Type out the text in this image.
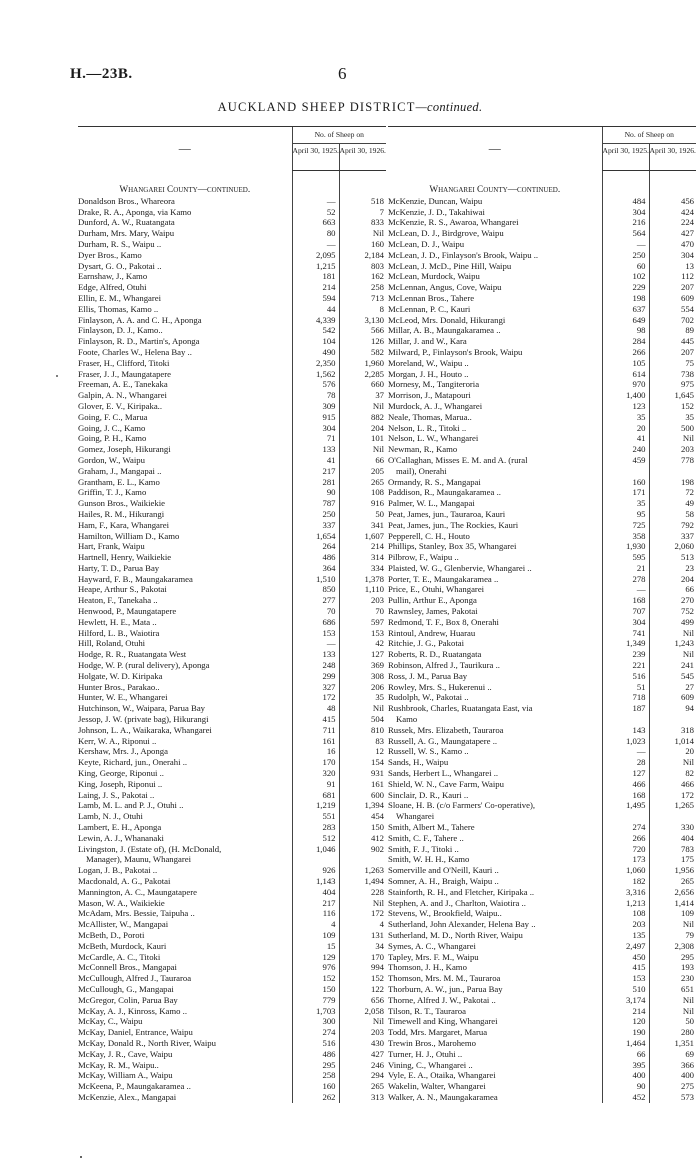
H.—23B.	6
AUCKLAND SHEEP DISTRICT—continued.
—	No. of Sheep on	
	April 30, 1925.	April 30, 1926.

Whangarei County—continued.		
Donaldson Bros., Whareora	—	518
Drake, R. A., Aponga, via Kamo	52	7
Dunford, A. W., Ruatangata	663	833
Durham, Mrs. Mary, Waipu	80	Nil
Durham, R. S., Waipu ..	—	160
Dyer Bros., Kamo	2,095	2,184
Dysart, G. O., Pakotai ..	1,215	803
Earnshaw, J., Kamo	181	162
Edge, Alfred, Otuhi	214	258
Ellin, E. M., Whangarei	594	713
Ellis, Thomas, Kamo ..	44	8
Finlayson, A. A. and C. H., Aponga	4,339	3,130
Finlayson, D. J., Kamo..	542	566
Finlayson, R. D., Martin's, Aponga	104	126
Foote, Charles W., Helena Bay ..	490	582
Fraser, H., Clifford, Titoki	2,350	1,960
Fraser, J. J., Maungatapere	1,562	2,285
Freeman, A. E., Tanekaka	576	660
Galpin, A. N., Whangarei	78	37
Glover, E. V., Kiripaka..	309	Nil
Going, F. C., Marua	915	882
Going, J. C., Kamo	304	204
Going, P. H., Kamo	71	101
Gomez, Joseph, Hikurangi	133	Nil
Gordon, W., Waipu	41	66
Graham, J., Mangapai ..	217	205
Grantham, E. L., Kamo	281	265
Griffin, T. J., Kamo	90	108
Gunson Bros., Waikiekie	787	916
Hailes, R. M., Hikurangi	250	50
Ham, F., Kara, Whangarei	337	341
Hamilton, William D., Kamo	1,654	1,607
Hart, Frank, Waipu	264	214
Hartnell, Henry, Waikiekie	486	314
Harty, T. D., Parua Bay	364	334
Hayward, F. B., Maungakaramea	1,510	1,378
Heape, Arthur S., Pakotai	850	1,110
Heaton, F., Tanekaha ..	277	203
Henwood, P., Maungatapere	70	70
Hewlett, H. E., Mata ..	686	597
Hilford, L. B., Waiotira	153	153
Hill, Roland, Otuhi	—	42
Hodge, R. R., Ruatangata West	133	127
Hodge, W. P. (rural delivery), Aponga	248	369
Holgate, W. D. Kiripaka	299	308
Hunter Bros., Parakao..	327	206
Hunter, W. E., Whangarei	172	35
Hutchinson, W., Waipara, Parua Bay	48	Nil
Jessop, J. W. (private bag), Hikurangi	415	504
Johnson, L. A., Waikaraka, Whangarei	711	810
Kerr, W. A., Riponui ..	161	83
Kershaw, Mrs. J., Aponga	16	12
Keyte, Richard, jun., Onerahi ..	170	154
King, George, Riponui ..	320	931
King, Joseph, Riponui ..	91	161
Laing, J. S., Pakotai ..	681	600
Lamb, M. L. and P. J., Otuhi ..	1,219	1,394
Lamb, N. J., Otuhi	551	454
Lambert, E. H., Aponga	283	150
Lewin, A. J., Whananaki	512	412
Livingston, J. (Estate of), (H. McDonald,	1,046	902
Manager), Maunu, Whangarei		
Logan, J. B., Pakotai ..	926	1,263
Macdonald, A. G., Pakotai	1,143	1,494
Mannington, A. C., Maungatapere	404	228
Mason, W. A., Waikiekie	217	Nil
McAdam, Mrs. Bessie, Taipuha ..	116	172
McAllister, W., Mangapai	4	4
McBeth, D., Poroti	109	131
McBeth, Murdock, Kauri	15	34
McCardle, A. C., Titoki	129	170
McConnell Bros., Mangapai	976	994
McCullough, Alfred J., Tauraroa	152	152
McCullough, G., Mangapai	150	122
McGregor, Colin, Parua Bay	779	656
McKay, A. J., Kinross, Kamo ..	1,703	2,058
McKay, C., Waipu	300	Nil
McKay, Daniel, Entrance, Waipu	274	203
McKay, Donald R., North River, Waipu	516	430
McKay, J. R., Cave, Waipu	486	427
McKay, R. M., Waipu..	295	246
McKay, William A., Waipu	258	294
McKeena, P., Maungakaramea ..	160	265
McKenzie, Alex., Mangapai	262	313
—	No. of Sheep on	
	April 30, 1925.	April 30, 1926.

Whangarei County—continued.		
McKenzie, Duncan, Waipu	484	456
McKenzie, J. D., Takahiwai	304	424
McKenzie, R. S., Awaroa, Whangarei	216	224
McLean, D. J., Birdgrove, Waipu	564	427
McLean, D. J., Waipu	—	470
McLean, J. D., Finlayson's Brook, Waipu ..	250	304
McLean, J. McD., Pine Hill, Waipu	60	13
McLean, Murdock, Waipu	102	112
McLennan, Angus, Cove, Waipu	229	207
McLennan Bros., Tahere	198	609
McLennan, P. C., Kauri	637	554
McLeod, Mrs. Donald, Hikurangi	649	702
Millar, A. B., Maungakaramea ..	98	89
Millar, J. and W., Kara	284	445
Milward, P., Finlayson's Brook, Waipu	266	207
Moreland, W., Waipu ..	105	75
Morgan, J. H., Houto ..	614	738
Mornesy, M., Tangiteroria	970	975
Morrison, J., Matapouri	1,400	1,645
Murdock, A. J., Whangarei	123	152
Neale, Thomas, Marua..	35	35
Nelson, L. R., Titoki ..	20	500
Nelson, L. W., Whangarei	41	Nil
Newman, R., Kamo	240	203
O'Callaghan, Misses E. M. and A. (rural	459	778
mail), Onerahi		
Ormandy, R. S., Mangapai	160	198
Paddison, R., Maungakaramea ..	171	72
Palmer, W. L., Mangapai	35	49
Peat, James, jun., Tauraroa, Kauri	95	58
Peat, James, jun., The Rockies, Kauri	725	792
Pepperell, C. H., Houto	358	337
Phillips, Stanley, Box 35, Whangarei	1,930	2,060
Pilbrow, F., Waipu ..	595	513
Plaisted, W. G., Glenbervie, Whangarei ..	21	23
Porter, T. E., Maungakaramea ..	278	204
Price, E., Otuhi, Whangarei	—	66
Pullin, Arthur E., Aponga	168	270
Rawnsley, James, Pakotai	707	752
Redmond, T. F., Box 8, Onerahi	304	499
Rintoul, Andrew, Huarau	741	Nil
Ritchie, J. G., Pakotai	1,349	1,243
Roberts, R. D., Ruatangata	239	Nil
Robinson, Alfred J., Taurikura ..	221	241
Ross, J. M., Parua Bay	516	545
Rowley, Mrs. S., Hukerenui ..	51	27
Rudolph, W., Pakotai ..	718	609
Rushbrook, Charles, Ruatangata East, via	187	94
Kamo		
Russek, Mrs. Elizabeth, Tauraroa	143	318
Russell, A. G., Maungatapere ..	1,023	1,014
Russell, W. S., Kamo ..	—	20
Sands, H., Waipu	28	Nil
Sands, Herbert L., Whangarei ..	127	82
Shield, W. N., Cave Farm, Waipu	466	466
Sinclair, D. R., Kauri ..	168	172
Sloane, H. B. (c/o Farmers' Co-operative),	1,495	1,265
Whangarei		
Smith, Albert M., Tahere	274	330
Smith, C. F., Tahere ..	266	404
Smith, F. J., Titoki ..	720	783
Smith, W. H. H., Kamo	173	175
Somerville and O'Neill, Kauri ..	1,060	1,956
Somner, A. H., Braigh, Waipu ..	182	265
Stainforth, R. H., and Fletcher, Kiripaka ..	3,316	2,656
Stephen, A. and J., Charlton, Waiotira ..	1,213	1,414
Stevens, W., Brookfield, Waipu..	108	109
Sutherland, John Alexander, Helena Bay ..	203	Nil
Sutherland, M. D., North River, Waipu	135	79
Symes, A. C., Whangarei	2,497	2,308
Tapley, Mrs. F. M., Waipu	450	295
Thomson, J. H., Kamo	415	193
Thomson, Mrs. M. M., Tauraroa	153	230
Thorburn, A. W., jun., Parua Bay	510	651
Thorne, Alfred J. W., Pakotai ..	3,174	Nil
Tilson, R. T., Tauraroa	214	Nil
Timewell and King, Whangarei	120	50
Todd, Mrs. Margaret, Marua	190	280
Trewin Bros., Marohemo	1,464	1,351
Turner, H. J., Otuhi ..	66	69
Vining, C., Whangarei ..	395	366
Vyle, E. A., Otaika, Whangarei	400	400
Wakelin, Walter, Whangarei	90	275
Walker, A. N., Maungakaramea	452	573
